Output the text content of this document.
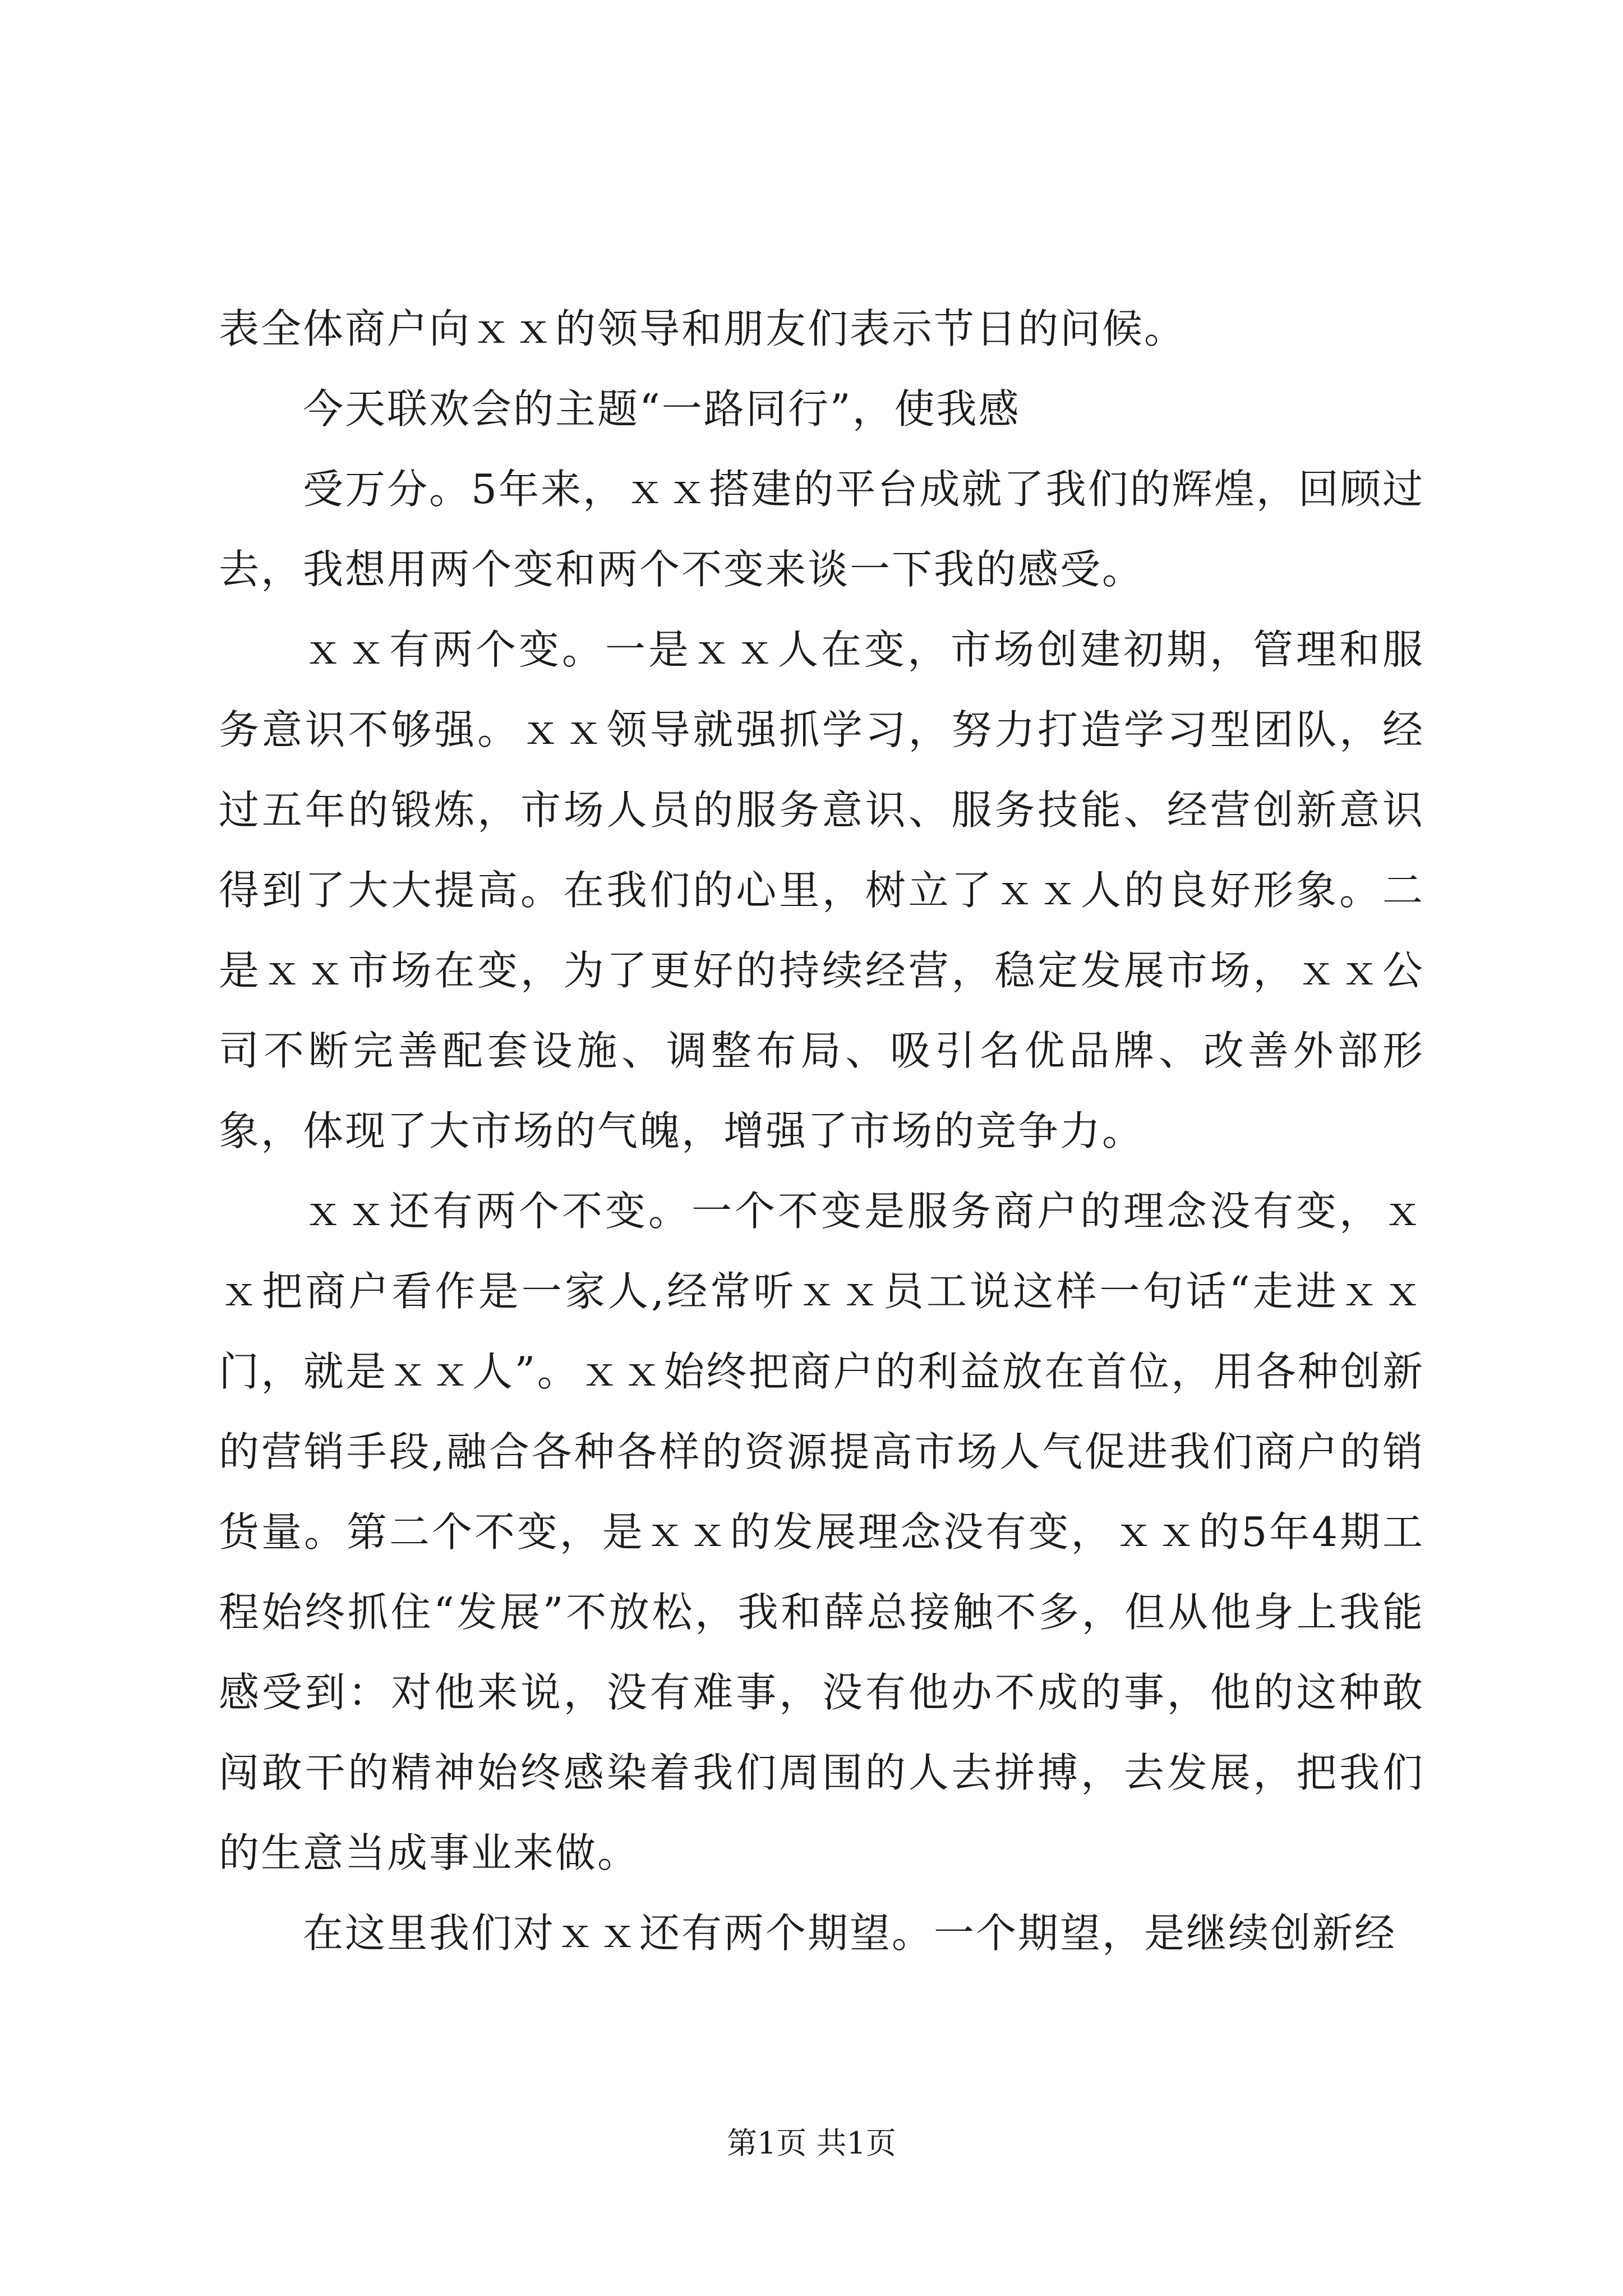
表全体商户向ｘｘ的领导和朋友们表示节日的问候。

今天联欢会的主题“一路同行”，使我感

受万分。5年来，ｘｘ搭建的平台成就了我们的辉煌，回顾过去，我想用两个变和两个不变来谈一下我的感受。

ｘｘ有两个变。一是ｘｘ人在变，市场创建初期，管理和服务意识不够强。ｘｘ领导就强抓学习，努力打造学习型团队，经过五年的锻炼，市场人员的服务意识、服务技能、经营创新意识得到了大大提高。在我们的心里，树立了ｘｘ人的良好形象。二是ｘｘ市场在变，为了更好的持续经营，稳定发展市场，ｘｘ公司不断完善配套设施、调整布局、吸引名优品牌、改善外部形象，体现了大市场的气魄，增强了市场的竞争力。

ｘｘ还有两个不变。一个不变是服务商户的理念没有变，ｘｘ把商户看作是一家人,经常听ｘｘ员工说这样一句话“走进ｘｘ门，就是ｘｘ人”。ｘｘ始终把商户的利益放在首位，用各种创新的营销手段,融合各种各样的资源提高市场人气促进我们商户的销货量。第二个不变，是ｘｘ的发展理念没有变，ｘｘ的5年4期工程始终抓住“发展”不放松，我和薛总接触不多，但从他身上我能感受到：对他来说，没有难事，没有他办不成的事，他的这种敢闯敢干的精神始终感染着我们周围的人去拼搏，去发展，把我们的生意当成事业来做。

在这里我们对ｘｘ还有两个期望。一个期望，是继续创新经

第1页 共1页
